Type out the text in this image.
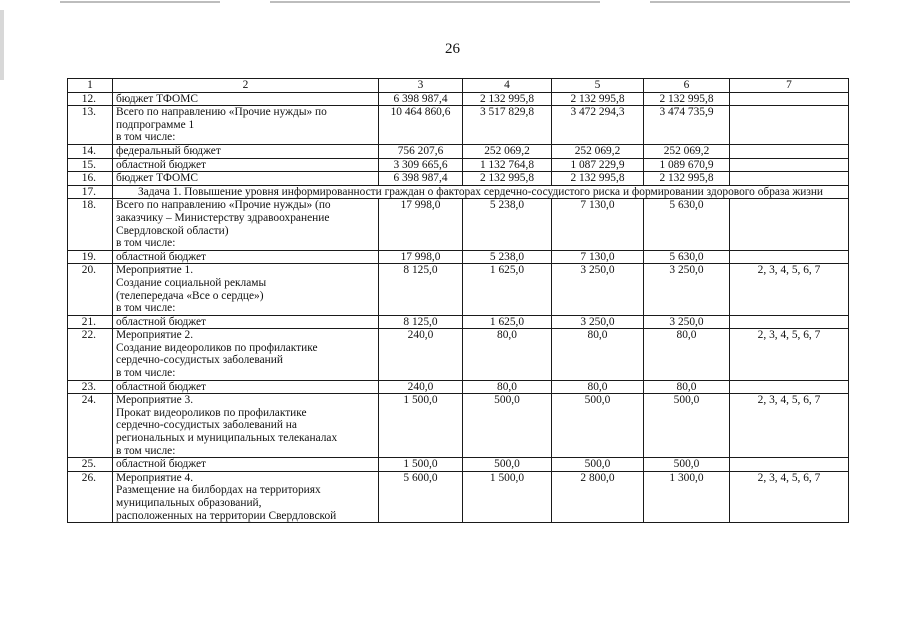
26
1	2	3	4	5	6	7
12.	бюджет ТФОМС	6 398 987,4	2 132 995,8	2 132 995,8	2 132 995,8	
13.	Всего по направлению «Прочие нужды» по
подпрограмме 1
в том числе:	10 464 860,6	3 517 829,8	3 472 294,3	3 474 735,9	
14.	федеральный бюджет	756 207,6	252 069,2	252 069,2	252 069,2	
15.	областной бюджет	3 309 665,6	1 132 764,8	1 087 229,9	1 089 670,9	
16.	бюджет ТФОМС	6 398 987,4	2 132 995,8	2 132 995,8	2 132 995,8	
17.	Задача 1. Повышение уровня информированности граждан о факторах сердечно-сосудистого риска и формировании здорового образа жизни					
18.	Всего по направлению «Прочие нужды» (по
заказчику – Министерству здравоохранение
Свердловской области)
в том числе:	17 998,0	5 238,0	7 130,0	5 630,0	
19.	областной бюджет	17 998,0	5 238,0	7 130,0	5 630,0	
20.	Мероприятие 1.
Создание социальной рекламы
(телепередача «Все о сердце»)
в том числе:	8 125,0	1 625,0	3 250,0	3 250,0	2, 3, 4, 5, 6, 7
21.	областной бюджет	8 125,0	1 625,0	3 250,0	3 250,0	
22.	Мероприятие 2.
Создание видеороликов по профилактике
сердечно-сосудистых заболеваний
в том числе:	240,0	80,0	80,0	80,0	2, 3, 4, 5, 6, 7
23.	областной бюджет	240,0	80,0	80,0	80,0	
24.	Мероприятие 3.
Прокат видеороликов по профилактике
сердечно-сосудистых заболеваний на
региональных и муниципальных телеканалах
в том числе:	1 500,0	500,0	500,0	500,0	2, 3, 4, 5, 6, 7
25.	областной бюджет	1 500,0	500,0	500,0	500,0	
26.	Мероприятие 4.
Размещение на билбордах на территориях
муниципальных образований,
расположенных на территории Свердловской	5 600,0	1 500,0	2 800,0	1 300,0	2, 3, 4, 5, 6, 7
